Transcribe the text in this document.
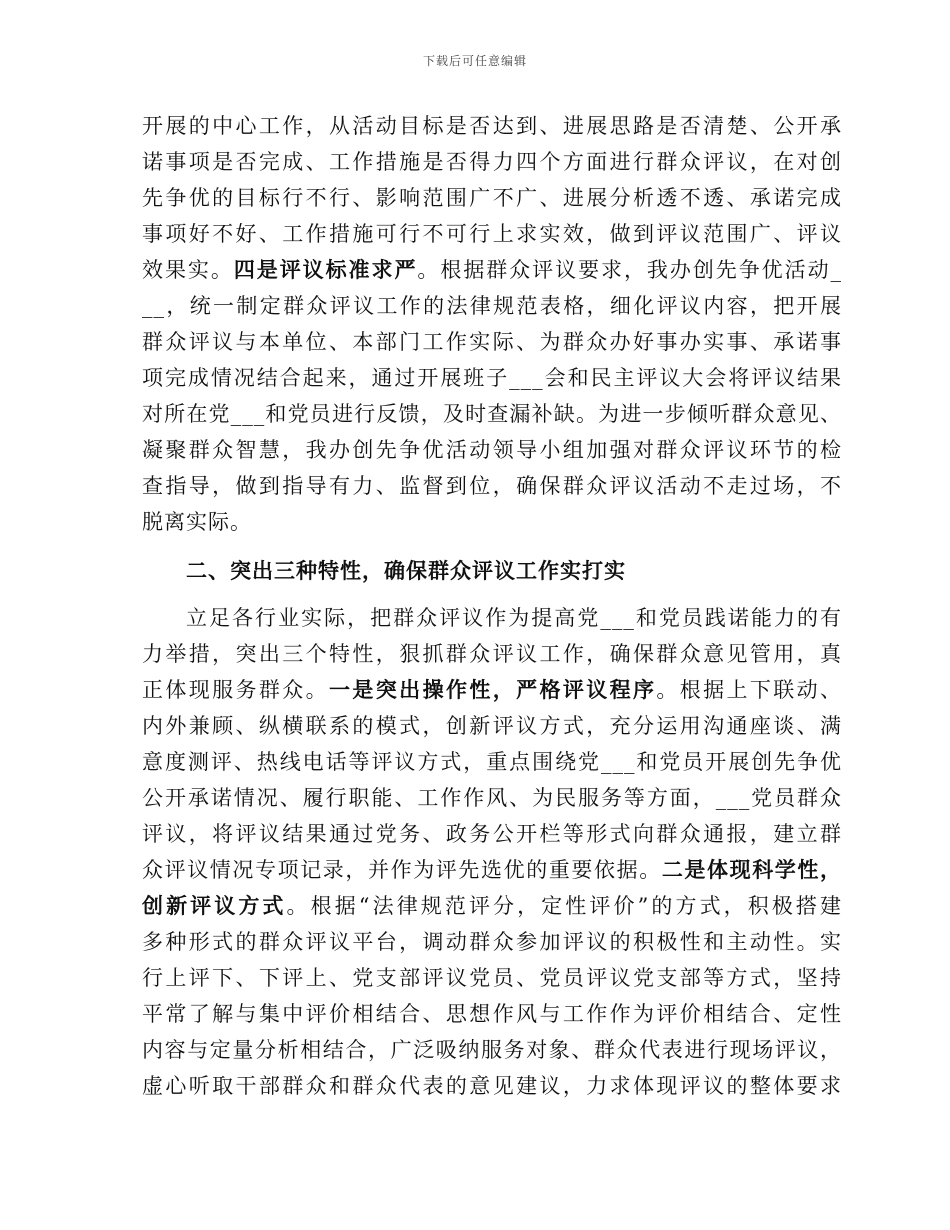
下载后可任意编辑
开展的中心工作，从活动目标是否达到、进展思路是否清楚、公开承
诺事项是否完成、工作措施是否得力四个方面进行群众评议，在对创
先争优的目标行不行、影响范围广不广、进展分析透不透、承诺完成
事项好不好、工作措施可行不可行上求实效，做到评议范围广、评议
效果实。四是评议标准求严。根据群众评议要求，我办创先争优活动_
__，统一制定群众评议工作的法律规范表格，细化评议内容，把开展
群众评议与本单位、本部门工作实际、为群众办好事办实事、承诺事
项完成情况结合起来，通过开展班子___会和民主评议大会将评议结果
对所在党___和党员进行反馈，及时查漏补缺。为进一步倾听群众意见、
凝聚群众智慧，我办创先争优活动领导小组加强对群众评议环节的检
查指导，做到指导有力、监督到位，确保群众评议活动不走过场，不
脱离实际。
二、突出三种特性，确保群众评议工作实打实
立足各行业实际，把群众评议作为提高党___和党员践诺能力的有
力举措，突出三个特性，狠抓群众评议工作，确保群众意见管用，真
正体现服务群众。一是突出操作性，严格评议程序。根据上下联动、
内外兼顾、纵横联系的模式，创新评议方式，充分运用沟通座谈、满
意度测评、热线电话等评议方式，重点围绕党___和党员开展创先争优
公开承诺情况、履行职能、工作作风、为民服务等方面，___党员群众
评议，将评议结果通过党务、政务公开栏等形式向群众通报，建立群
众评议情况专项记录，并作为评先选优的重要依据。二是体现科学性，
创新评议方式。根据“法律规范评分，定性评价”的方式，积极搭建
多种形式的群众评议平台，调动群众参加评议的积极性和主动性。实
行上评下、下评上、党支部评议党员、党员评议党支部等方式，坚持
平常了解与集中评价相结合、思想作风与工作作为评价相结合、定性
内容与定量分析相结合，广泛吸纳服务对象、群众代表进行现场评议，
虚心听取干部群众和群众代表的意见建议，力求体现评议的整体要求
